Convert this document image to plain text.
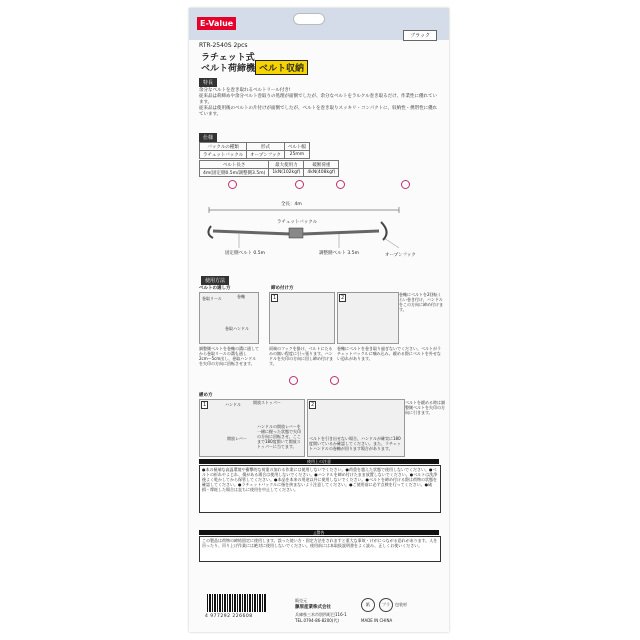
E-Value
ブラック
RTR-2540S 2pcs
ラチェット式
ベルト荷締機 ベルト収納
特長
余分なベルトを巻き取れるベルトリール付き!
従来品は荷締めや余分ベルト巻取りの処理が面倒でしたが、余分なベルトをラルクル巻き取るだけ、作業性に優れています。
従来品は使用後のベルトの片付けが面倒でしたが、ベルトを巻き取りスッキリ・コンパクトに、収納性・携帯性に優れています。
仕様
バックルの種類	形式	ベルト幅
ラチェットバックル	オープンフック	25mm
ベルト長さ	最大使用力	破断荷重
4m(固定側0.5m/調整側3.5m)	1kN(102kgf)	4kN(408kgf)
全長：4m
ラチェットバックル
固定側ベルト 0.5m	調整側ベルト 3.5m	オープンフック
使用方法
ベルトの通し方
巻取リール	巻軸
巻取ハンドル
調整側ベルトを巻軸の溝に通してから巻取リールの溝も通し2cm〜5cm出し、巻取ハンドルを矢印の方向に回転させます。
締め付け方
1	2
巻軸にベルトを2回転くらい巻き付け、ハンドルをこの方向に締め付けます。
両端のフックを掛け、ベルトにたるみの無い程度に引っ張ります。ハンドルを矢印の方向に回し締め付けます。
巻軸にベルトを巻き取り過ぎないでください。ベルトがラチェットバックルに噛み込み、緩める際にベルトを外せない恐れがあります。
緩め方
1	ハンドル	開放ストッパー
開放レバー
ハンドルの開放レバーを一緒に握った状態で矢印の方向に回転させ、ここまで180度開いて開放ストッパーに当てます。
2
ベルトを引き出せない場合、ハンドルが確実に180度開いているか確認してください。また、ラチェットハンドルの巻軸が回ります場合があります。
ベルトを緩める時は調整側ベルトを矢印の方向に引きます。
使用上の注意
●本の極端な高温環境や衝撃的な荷重の加わる作業には使用しないでください。●荷重を越えた状態で使用しないでください。●ベルトの折れやよじれ、傷がある場合は使用しないでください。●ハンドルを締め付けたまま放置しないでください。●ベルトは洗浄後よく乾かしてから保管してください。●本品を本来の用途以外に使用しないでください。●ベルトを締め付ける際は荷物の状態を確認してください。●ラチェットバックルに指を挟まないよう注意してください。●ご使用前に必ず点検を行ってください。●破損・摩耗した場合は直ちに使用を中止してください。
△警告
この製品は荷物の締結固定に使用します。誤った使い方・固定方法をされますと重大な事故・けがにつながる恐れがあります。人を吊ったり、吊り上げ作業には絶対に使用しないでください。使用前には本取扱説明書をよく読み、正しくお使いください。
4 977292 226608
販売元
藤原産業株式会社
兵庫県三木市別所町巴116-1
TEL.0794-86-8200(代)
紙	プラ	包装材
MADE IN CHINA
